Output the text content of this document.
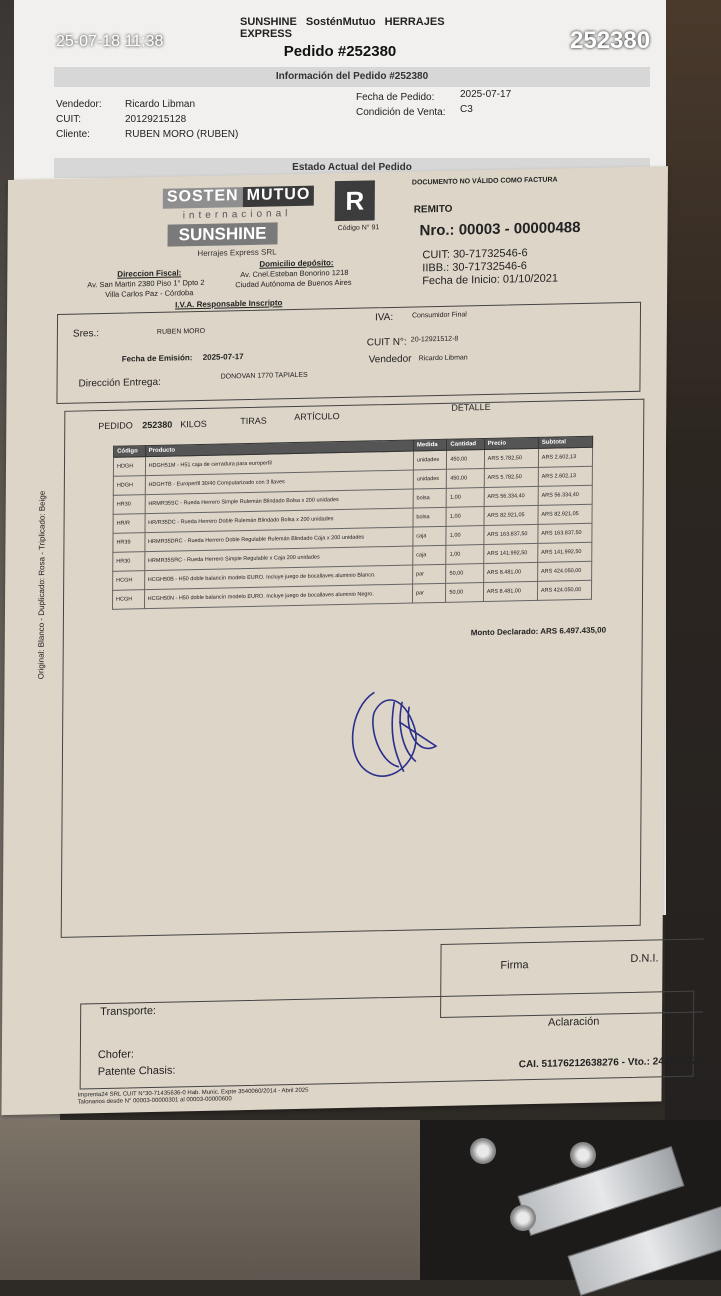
SUNSHINE SosténMutuo HERRAJES EXPRESS
Pedido #252380
Información del Pedido #252380
Vendedor: Ricardo Libman
CUIT:	20129215128
Cliente:	RUBEN MORO (RUBEN)
Fecha de Pedido:	2025-07-17
Condición de Venta: C3
Estado Actual del Pedido
SOSTEN MUTUO
internacional
SUNSHINE
Herrajes Express SRL
R
Código N° 91
DOCUMENTO NO VÁLIDO COMO FACTURA
REMITO
Nro.: 00003 - 00000488
CUIT: 30-71732546-6
IIBB.: 30-71732546-6
Fecha de Inicio: 01/10/2021
Direccion Fiscal:
Av. San Martin 2380 Piso 1° Dpto 2
Villa Carlos Paz - Córdoba
Domicilio depósito:
Av. Cnel.Esteban Bonorino 1218
Ciudad Autónoma de Buenos Aires
I.V.A. Responsable Inscripto
Sres.:	RUBEN MORO
IVA:	Consumidor Final
CUIT N°: 20-12921512-8
Fecha de Emisión: 2025-07-17	Vendedor Ricardo Libman
Dirección Entrega:
DONOVAN 1770 TAPIALES
PEDIDO 252380 KILOS	TIRAS	ARTÍCULO
DETALLE
Código	Producto	Medida	Cantidad	Precio	Subtotal
HDGH	HDGH51M - H51 caja de cerradura para europerfil	unidades	450,00	ARS 5.782,50	ARS 2.602,13
HDGH	HDGHTB - Europerfil 30/40 Computarizado con 3 llaves	unidades	450,00	ARS 5.782,50	ARS 2.602,13
HR30	HRMR35SC - Rueda Herrero Simple Rulemán Blindado Bolsa x 200 unidades	bolsa	1,00	ARS 56.334,40	ARS 56.334,40
HR/R	HR/R35DC - Rueda Herrero Doble Rulemán Blindado Bolsa x 200 unidades	bolsa	1,00	ARS 82.921,05	ARS 82.921,05
HR39	HRMR35DRC - Rueda Herrero Doble Regulable Rulemán Blindado Caja x 200 unidades	caja	1,00	ARS 163.837,50	ARS 163.837,50
HR30	HRMR35SRC - Rueda Herrero Simple Regulable x Caja 200 unidades	caja	1,00	ARS 141.992,50	ARS 141.992,50
HCGH	HCGH50B - H50 doble balancín modelo EURO. Incluye juego de bocallaves aluminio Blanco.	par	50,00	ARS 8.481,00	ARS 424.050,00
HCGH	HCGH50N - H50 doble balancín modelo EURO. Incluye juego de bocallaves aluminio Negro.	par	50,00	ARS 8.481,00	ARS 424.050,00
Monto Declarado: ARS 6.497.435,00
Original: Blanco - Duplicado: Rosa - Triplicado: Beige
Firma
D.N.I.
Transporte:
Aclaración
Chofer:
Patente Chasis:
CAI. 51176212638276 - Vto.: 24/04/2026
Imprenta24 SRL CUIT N°30-71435636-0 Hab. Munic. Expte 3540060/2014 - Abril 2025
Talonarios desde N° 00003-00000301 al 00003-00000600
25-07-18 11:38	252380
